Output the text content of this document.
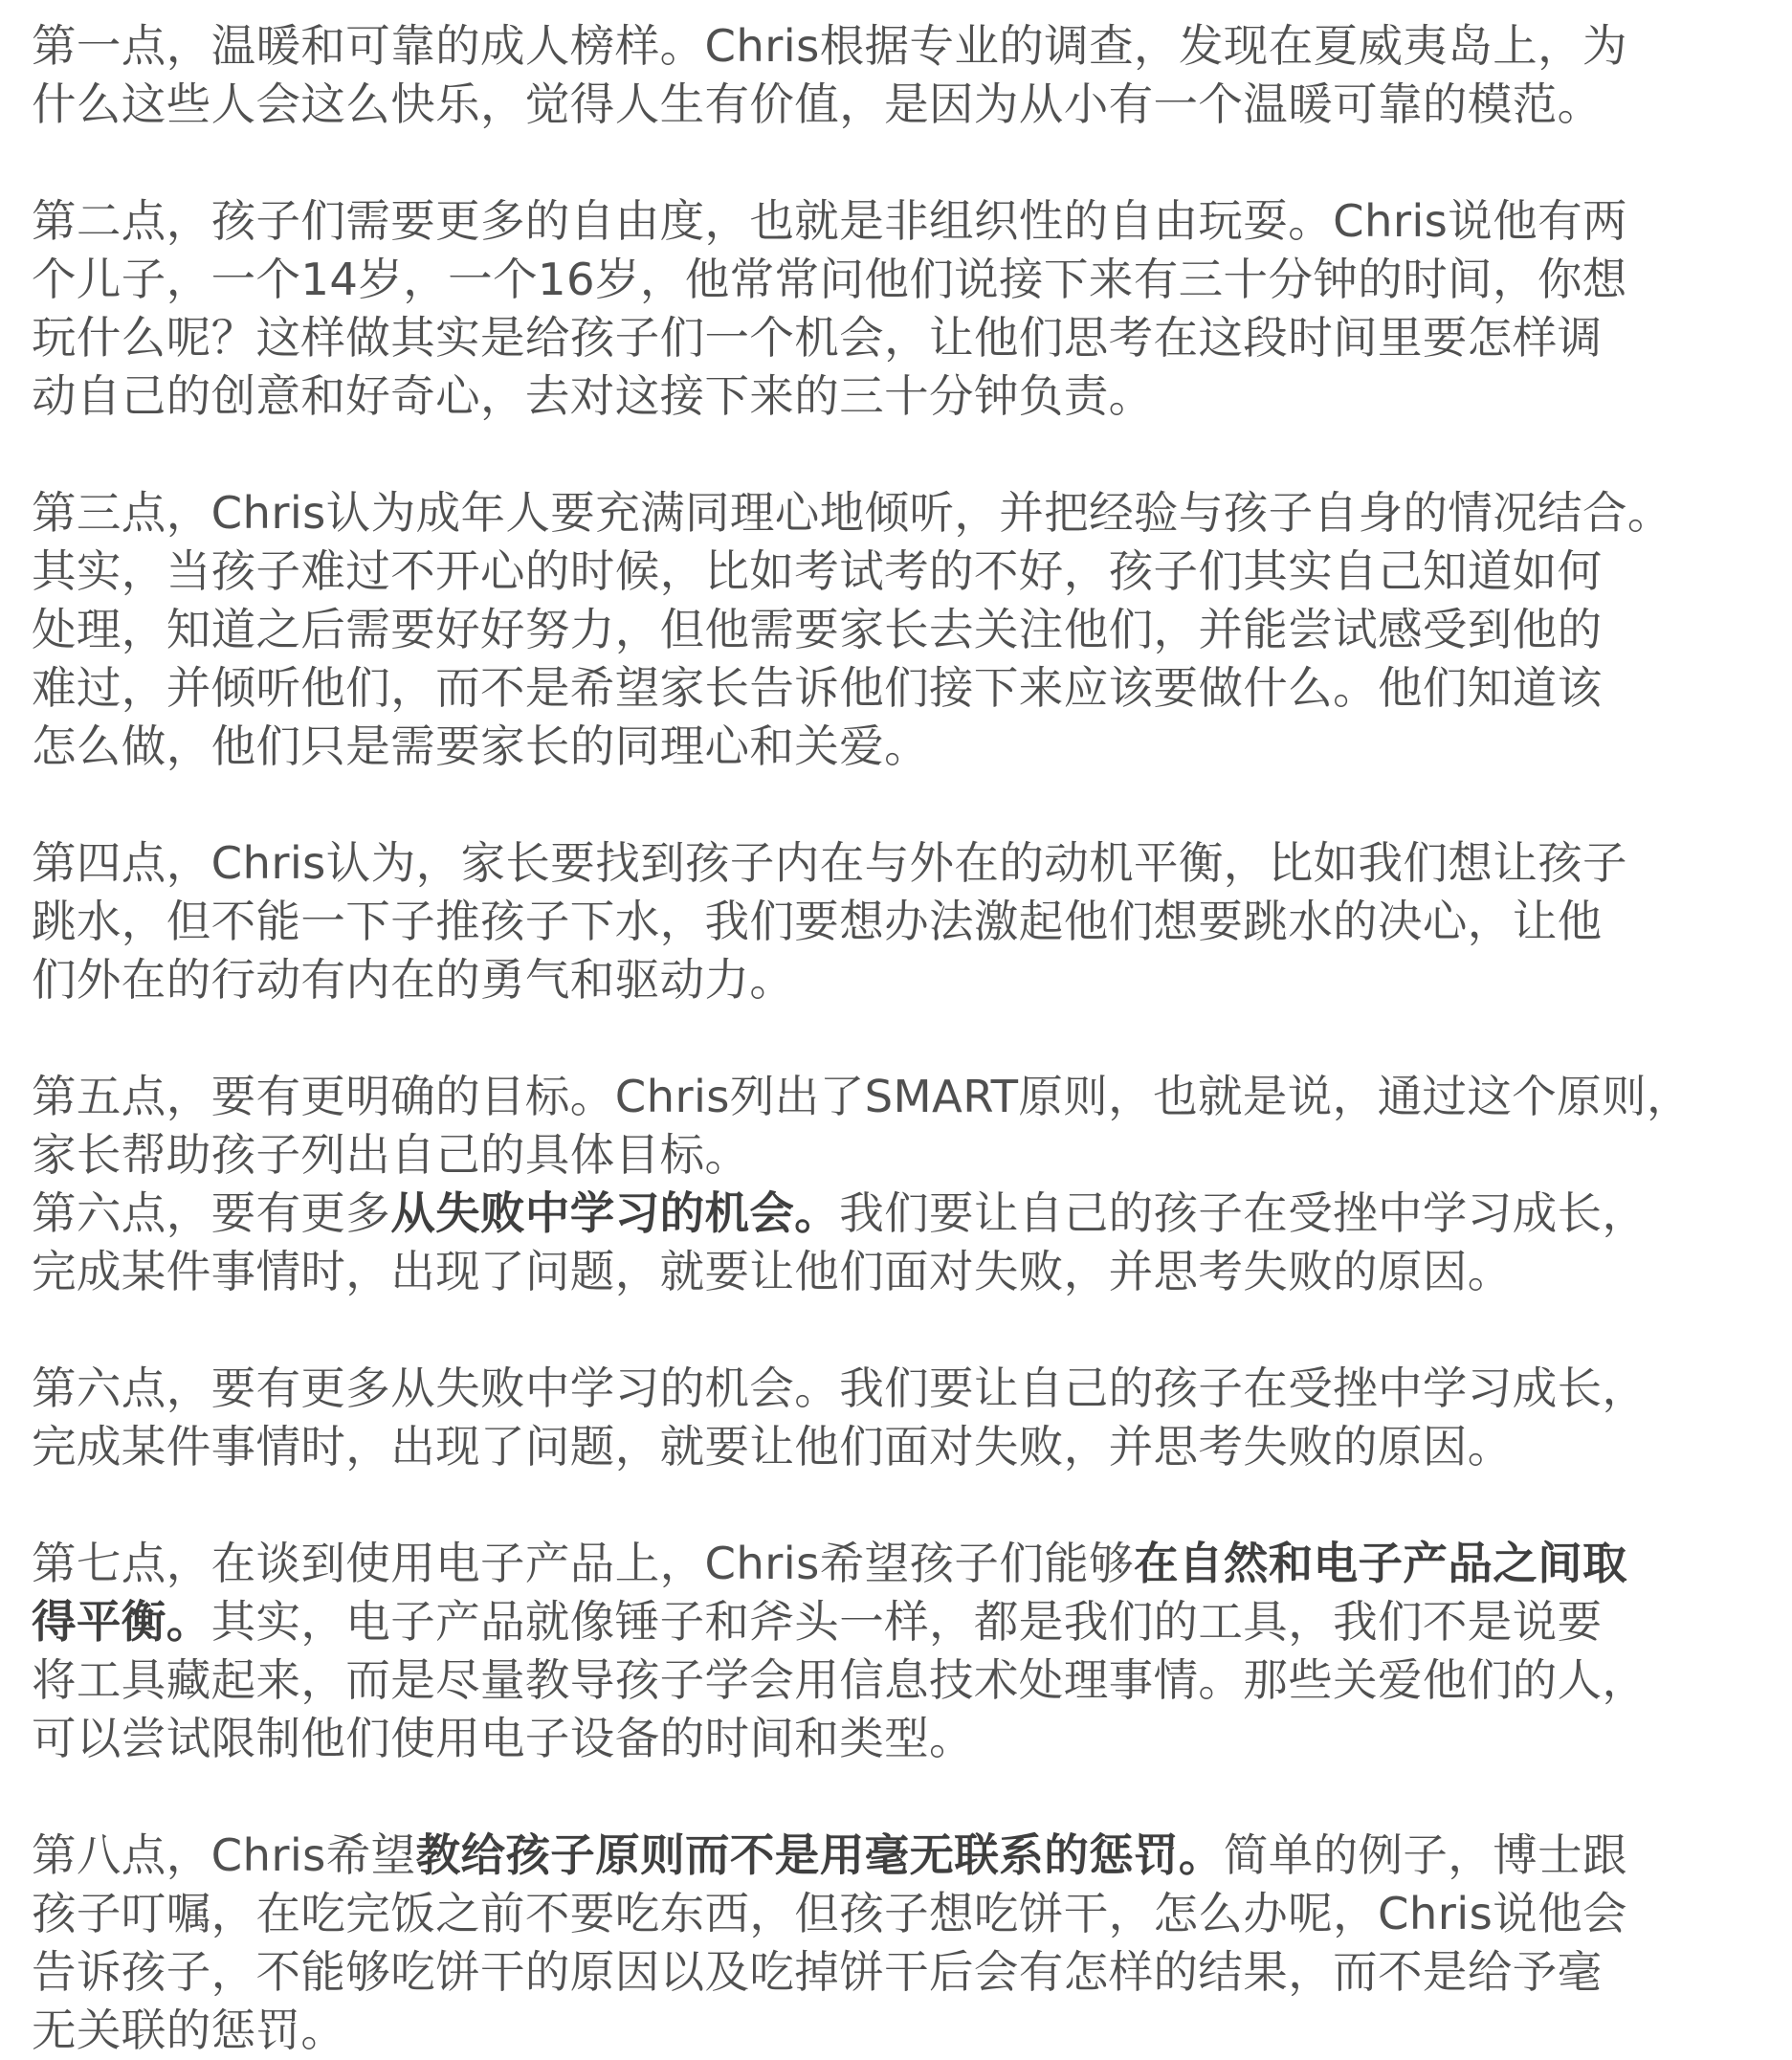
第一点，温暖和可靠的成人榜样。Chris根据专业的调查，发现在夏威夷岛上，为
什么这些人会这么快乐，觉得人生有价值，是因为从小有一个温暖可靠的模范。
第二点，孩子们需要更多的自由度，也就是非组织性的自由玩耍。Chris说他有两
个儿子，一个14岁，一个16岁，他常常问他们说接下来有三十分钟的时间，你想
玩什么呢？这样做其实是给孩子们一个机会，让他们思考在这段时间里要怎样调
动自己的创意和好奇心，去对这接下来的三十分钟负责。
第三点，Chris认为成年人要充满同理心地倾听，并把经验与孩子自身的情况结合。
其实，当孩子难过不开心的时候，比如考试考的不好，孩子们其实自己知道如何
处理，知道之后需要好好努力，但他需要家长去关注他们，并能尝试感受到他的
难过，并倾听他们，而不是希望家长告诉他们接下来应该要做什么。他们知道该
怎么做，他们只是需要家长的同理心和关爱。
第四点，Chris认为，家长要找到孩子内在与外在的动机平衡，比如我们想让孩子
跳水，但不能一下子推孩子下水，我们要想办法激起他们想要跳水的决心，让他
们外在的行动有内在的勇气和驱动力。
第五点，要有更明确的目标。Chris列出了SMART原则，也就是说，通过这个原则，
家长帮助孩子列出自己的具体目标。
第六点，要有更多从失败中学习的机会。我们要让自己的孩子在受挫中学习成长，
完成某件事情时，出现了问题，就要让他们面对失败，并思考失败的原因。
第六点，要有更多从失败中学习的机会。我们要让自己的孩子在受挫中学习成长，
完成某件事情时，出现了问题，就要让他们面对失败，并思考失败的原因。
第七点，在谈到使用电子产品上，Chris希望孩子们能够在自然和电子产品之间取
得平衡。其实，电子产品就像锤子和斧头一样，都是我们的工具，我们不是说要
将工具藏起来，而是尽量教导孩子学会用信息技术处理事情。那些关爱他们的人，
可以尝试限制他们使用电子设备的时间和类型。
第八点，Chris希望教给孩子原则而不是用毫无联系的惩罚。简单的例子，博士跟
孩子叮嘱，在吃完饭之前不要吃东西，但孩子想吃饼干，怎么办呢，Chris说他会
告诉孩子，不能够吃饼干的原因以及吃掉饼干后会有怎样的结果，而不是给予毫
无关联的惩罚。
